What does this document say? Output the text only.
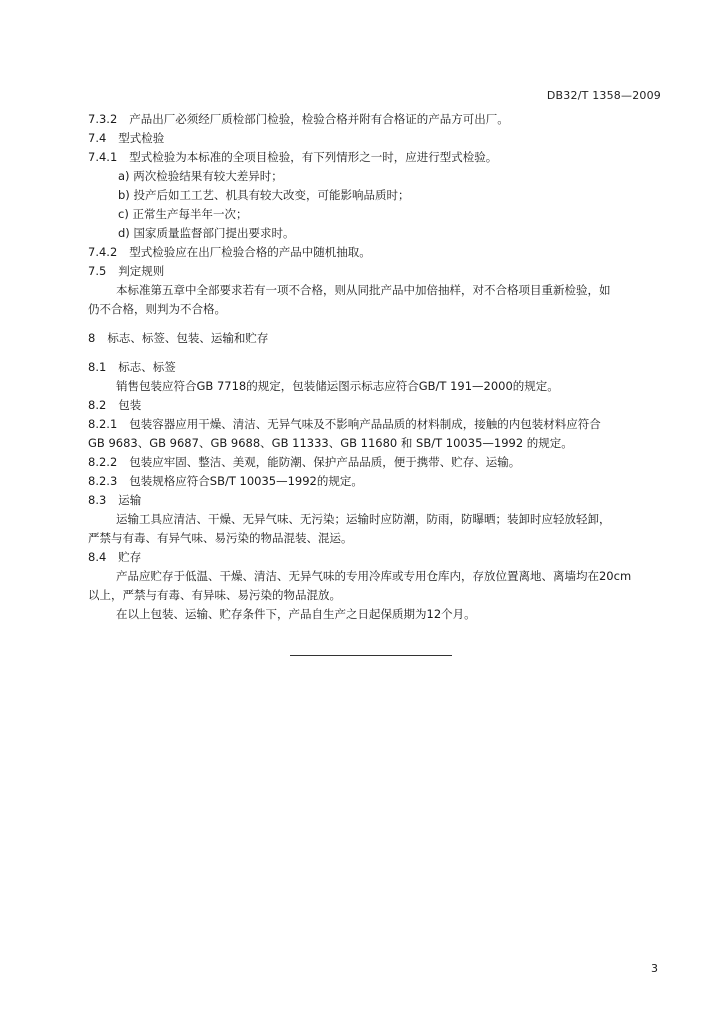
DB32/T 1358—2009
7.3.2 产品出厂必须经厂质检部门检验，检验合格并附有合格证的产品方可出厂。
7.4 型式检验
7.4.1 型式检验为本标准的全项目检验，有下列情形之一时，应进行型式检验。
a) 两次检验结果有较大差异时；
b) 投产后如工工艺、机具有较大改变，可能影响品质时；
c) 正常生产每半年一次；
d) 国家质量监督部门提出要求时。
7.4.2 型式检验应在出厂检验合格的产品中随机抽取。
7.5 判定规则
本标准第五章中全部要求若有一项不合格，则从同批产品中加倍抽样，对不合格项目重新检验，如
仍不合格，则判为不合格。
8 标志、标签、包装、运输和贮存
8.1 标志、标签
销售包装应符合GB 7718的规定，包装储运图示标志应符合GB/T 191—2000的规定。
8.2 包装
8.2.1 包装容器应用干燥、清洁、无异气味及不影响产品品质的材料制成，接触的内包装材料应符合
GB 9683、GB 9687、GB 9688、GB 11333、GB 11680 和 SB/T 10035—1992 的规定。
8.2.2 包装应牢固、整洁、美观，能防潮、保护产品品质，便于携带、贮存、运输。
8.2.3 包装规格应符合SB/T 10035—1992的规定。
8.3 运输
运输工具应清洁、干燥、无异气味、无污染；运输时应防潮，防雨，防曝晒；装卸时应轻放轻卸，
严禁与有毒、有异气味、易污染的物品混装、混运。
8.4 贮存
产品应贮存于低温、干燥、清洁、无异气味的专用冷库或专用仓库内，存放位置离地、离墙均在20cm
以上，严禁与有毒、有异味、易污染的物品混放。
在以上包装、运输、贮存条件下，产品自生产之日起保质期为12个月。
3
